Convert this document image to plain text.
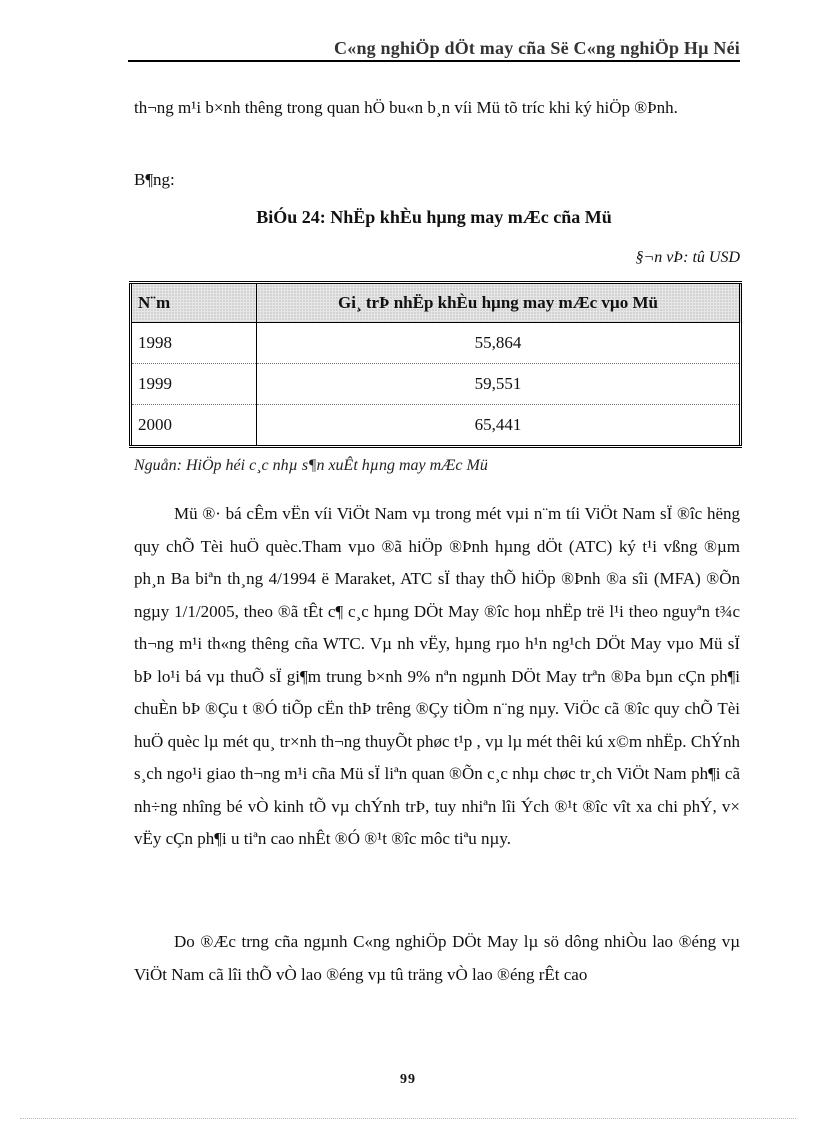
C«ng nghiÖp dÖt may cña Së C«ng nghiÖp Hµ Néi

th¬ng m¹i b×nh thêng trong quan hÖ bu«n b¸n víi Mü tõ tríc khi ký hiÖp ®Þnh.

B¶ng:
BiÓu 24: NhËp khÈu hµng may mÆc cña Mü
§¬n vÞ: tû USD
N¨m	Gi¸ trÞ nhËp khÈu hµng may mÆc vµo Mü
1998	55,864
1999	59,551
2000	65,441
Nguån: HiÖp héi c¸c nhµ s¶n xuÊt hµng may mÆc Mü

Mü ®· bá cÊm vËn víi ViÖt Nam vµ trong mét vµi n¨m tíi ViÖt Nam sÏ ®îc hëng quy chÕ Tèi huÖ quèc.Tham vµo ®ã hiÖp ®Þnh hµng dÖt (ATC) ký t¹i vßng ®µm ph¸n Ba biªn th¸ng 4/1994 ë Maraket, ATC sÏ thay thÕ hiÖp ®Þnh ®a sîi (MFA) ®Õn ngµy 1/1/2005, theo ®ã tÊt c¶ c¸c hµng DÖt May ®îc hoµ nhËp trë l¹i theo nguyªn t¾c th¬ng m¹i th«ng thêng cña WTC. Vµ nh vËy, hµng rµo h¹n ng¹ch DÖt May vµo Mü sÏ bÞ lo¹i bá vµ thuÕ sÏ gi¶m trung b×nh 9% nªn ngµnh DÖt May trªn ®Þa bµn cÇn ph¶i chuÈn bÞ ®Çu t ®Ó tiÕp cËn thÞ trêng ®Çy tiÒm n¨ng nµy. ViÖc cã ®îc quy chÕ Tèi huÖ quèc lµ mét qu¸ tr×nh th¬ng thuyÕt phøc t¹p , vµ lµ mét thêi kú x©m nhËp. ChÝnh s¸ch ngo¹i giao th¬ng m¹i cña Mü sÏ liªn quan ®Õn c¸c nhµ chøc tr¸ch ViÖt Nam ph¶i cã nh÷ng nhîng bé vÒ kinh tÕ vµ chÝnh trÞ, tuy nhiªn lîi Ých ®¹t ®îc vît xa chi phÝ, v× vËy cÇn ph¶i u tiªn cao nhÊt ®Ó ®¹t ®îc môc tiªu nµy.

Do ®Æc trng cña ngµnh C«ng nghiÖp DÖt May lµ sö dông nhiÒu lao ®éng vµ ViÖt Nam cã lîi thÕ vÒ lao ®éng vµ tû träng vÒ lao ®éng rÊt cao

99
